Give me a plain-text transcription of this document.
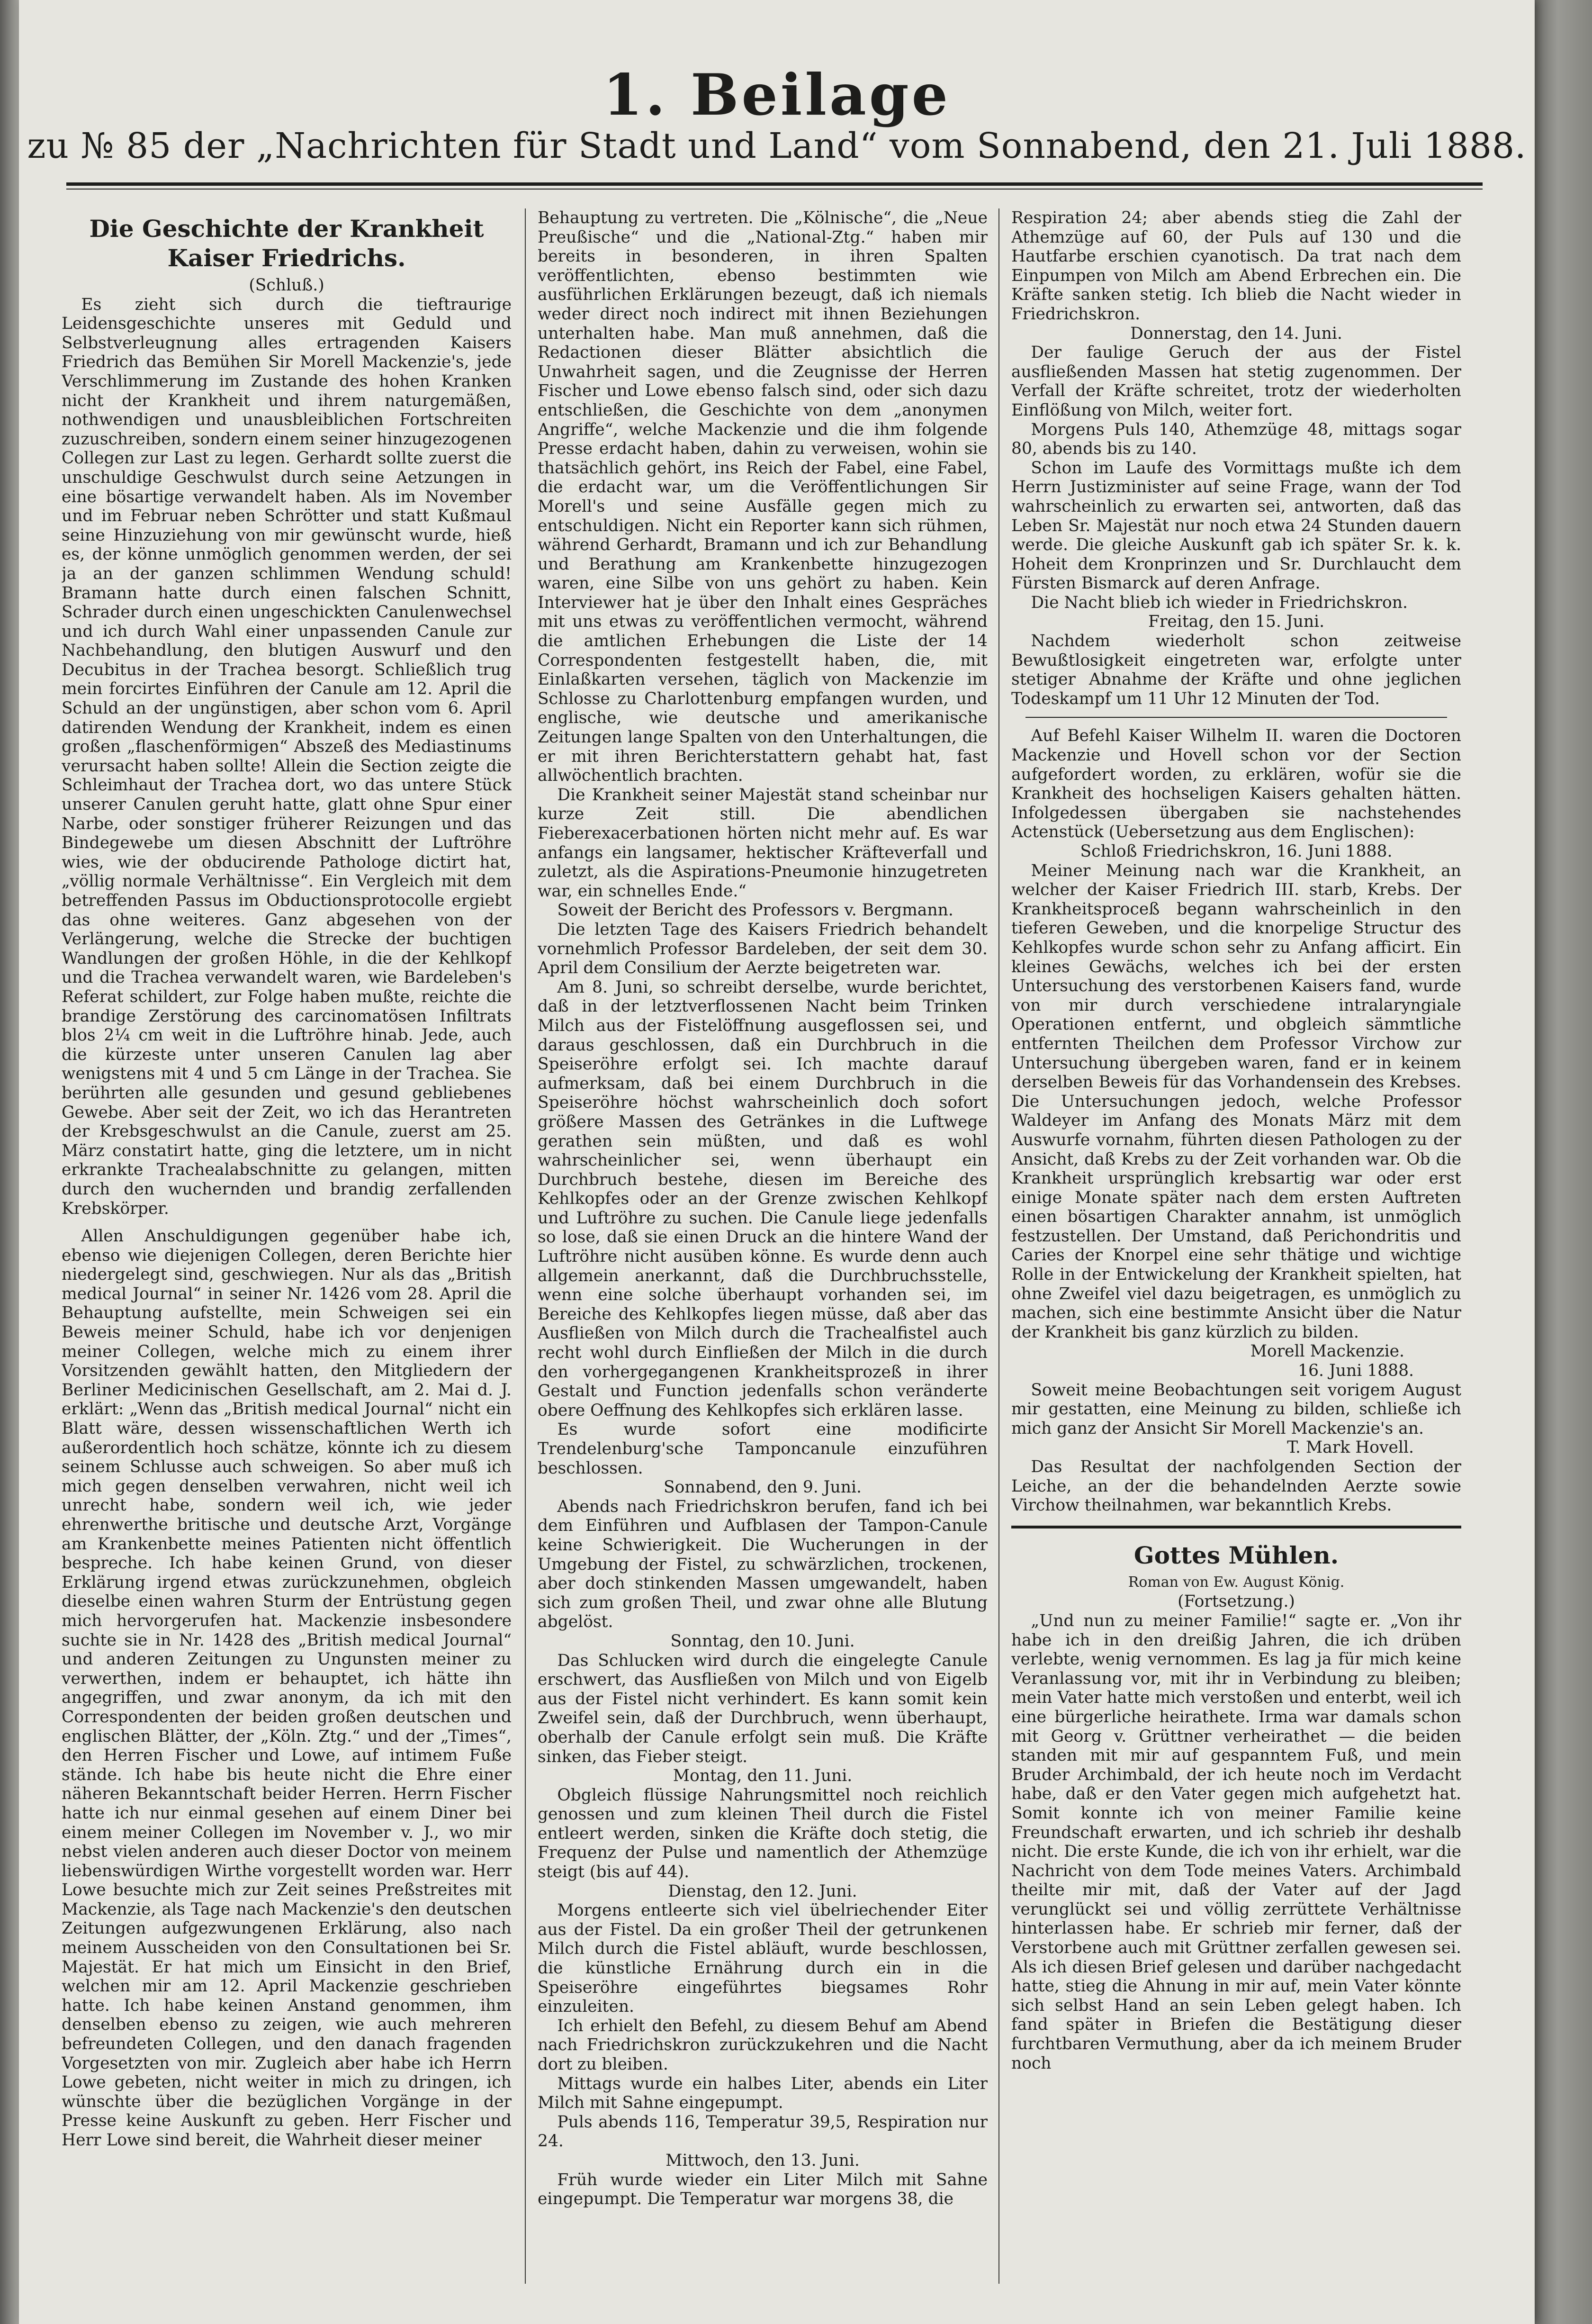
1. Beilage
zu № 85 der „Nachrichten für Stadt und Land“ vom Sonnabend, den 21. Juli 1888.
Die Geschichte der Krankheit Kaiser Friedrichs.

(Schluß.)

Es zieht sich durch die tieftraurige Leidensgeschichte unseres mit Geduld und Selbstverleugnung alles ertragenden Kaisers Friedrich das Bemühen Sir Morell Mackenzie's, jede Verschlimmerung im Zustande des hohen Kranken nicht der Krankheit und ihrem naturgemäßen, nothwendigen und unausbleiblichen Fortschreiten zuzuschreiben, sondern einem seiner hinzugezogenen Collegen zur Last zu legen. Gerhardt sollte zuerst die unschuldige Geschwulst durch seine Aetzungen in eine bösartige verwandelt haben. Als im November und im Februar neben Schrötter und statt Kußmaul seine Hinzuziehung von mir gewünscht wurde, hieß es, der könne unmöglich genommen werden, der sei ja an der ganzen schlimmen Wendung schuld! Bramann hatte durch einen falschen Schnitt, Schrader durch einen ungeschickten Canulenwechsel und ich durch Wahl einer unpassenden Canule zur Nachbehandlung, den blutigen Auswurf und den Decubitus in der Trachea besorgt. Schließlich trug mein forcirtes Einführen der Canule am 12. April die Schuld an der ungünstigen, aber schon vom 6. April datirenden Wendung der Krankheit, indem es einen großen „flaschenförmigen“ Abszeß des Mediastinums verursacht haben sollte! Allein die Section zeigte die Schleimhaut der Trachea dort, wo das untere Stück unserer Canulen geruht hatte, glatt ohne Spur einer Narbe, oder sonstiger früherer Reizungen und das Bindegewebe um diesen Abschnitt der Luftröhre wies, wie der obducirende Pathologe dictirt hat, „völlig normale Verhältnisse“. Ein Vergleich mit dem betreffenden Passus im Obductionsprotocolle ergiebt das ohne weiteres. Ganz abgesehen von der Verlängerung, welche die Strecke der buchtigen Wandlungen der großen Höhle, in die der Kehlkopf und die Trachea verwandelt waren, wie Bardeleben's Referat schildert, zur Folge haben mußte, reichte die brandige Zerstörung des carcinomatösen Infiltrats blos 2¼ cm weit in die Luftröhre hinab. Jede, auch die kürzeste unter unseren Canulen lag aber wenigstens mit 4 und 5 cm Länge in der Trachea. Sie berührten alle gesunden und gesund gebliebenes Gewebe. Aber seit der Zeit, wo ich das Herantreten der Krebsgeschwulst an die Canule, zuerst am 25. März constatirt hatte, ging die letztere, um in nicht erkrankte Trachealabschnitte zu gelangen, mitten durch den wuchernden und brandig zerfallenden Krebskörper.

Allen Anschuldigungen gegenüber habe ich, ebenso wie diejenigen Collegen, deren Berichte hier niedergelegt sind, geschwiegen. Nur als das „British medical Journal“ in seiner Nr. 1426 vom 28. April die Behauptung aufstellte, mein Schweigen sei ein Beweis meiner Schuld, habe ich vor denjenigen meiner Collegen, welche mich zu einem ihrer Vorsitzenden gewählt hatten, den Mitgliedern der Berliner Medicinischen Gesellschaft, am 2. Mai d. J. erklärt: „Wenn das „British medical Journal“ nicht ein Blatt wäre, dessen wissenschaftlichen Werth ich außerordentlich hoch schätze, könnte ich zu diesem seinem Schlusse auch schweigen. So aber muß ich mich gegen denselben verwahren, nicht weil ich unrecht habe, sondern weil ich, wie jeder ehrenwerthe britische und deutsche Arzt, Vorgänge am Krankenbette meines Patienten nicht öffentlich bespreche. Ich habe keinen Grund, von dieser Erklärung irgend etwas zurückzunehmen, obgleich dieselbe einen wahren Sturm der Entrüstung gegen mich hervorgerufen hat. Mackenzie insbesondere suchte sie in Nr. 1428 des „British medical Journal“ und anderen Zeitungen zu Ungunsten meiner zu verwerthen, indem er behauptet, ich hätte ihn angegriffen, und zwar anonym, da ich mit den Correspondenten der beiden großen deutschen und englischen Blätter, der „Köln. Ztg.“ und der „Times“, den Herren Fischer und Lowe, auf intimem Fuße stände. Ich habe bis heute nicht die Ehre einer näheren Bekanntschaft beider Herren. Herrn Fischer hatte ich nur einmal gesehen auf einem Diner bei einem meiner Collegen im November v. J., wo mir nebst vielen anderen auch dieser Doctor von meinem liebenswürdigen Wirthe vorgestellt worden war. Herr Lowe besuchte mich zur Zeit seines Preßstreites mit Mackenzie, als Tage nach Mackenzie's den deutschen Zeitungen aufgezwungenen Erklärung, also nach meinem Ausscheiden von den Consultationen bei Sr. Majestät. Er hat mich um Einsicht in den Brief, welchen mir am 12. April Mackenzie geschrieben hatte. Ich habe keinen Anstand genommen, ihm denselben ebenso zu zeigen, wie auch mehreren befreundeten Collegen, und den danach fragenden Vorgesetzten von mir. Zugleich aber habe ich Herrn Lowe gebeten, nicht weiter in mich zu dringen, ich wünschte über die bezüglichen Vorgänge in der Presse keine Auskunft zu geben. Herr Fischer und Herr Lowe sind bereit, die Wahrheit dieser meiner

Behauptung zu vertreten. Die „Kölnische“, die „Neue Preußische“ und die „National-Ztg.“ haben mir bereits in besonderen, in ihren Spalten veröffentlichten, ebenso bestimmten wie ausführlichen Erklärungen bezeugt, daß ich niemals weder direct noch indirect mit ihnen Beziehungen unterhalten habe. Man muß annehmen, daß die Redactionen dieser Blätter absichtlich die Unwahrheit sagen, und die Zeugnisse der Herren Fischer und Lowe ebenso falsch sind, oder sich dazu entschließen, die Geschichte von dem „anonymen Angriffe“, welche Mackenzie und die ihm folgende Presse erdacht haben, dahin zu verweisen, wohin sie thatsächlich gehört, ins Reich der Fabel, eine Fabel, die erdacht war, um die Veröffentlichungen Sir Morell's und seine Ausfälle gegen mich zu entschuldigen. Nicht ein Reporter kann sich rühmen, während Gerhardt, Bramann und ich zur Behandlung und Berathung am Krankenbette hinzugezogen waren, eine Silbe von uns gehört zu haben. Kein Interviewer hat je über den Inhalt eines Gespräches mit uns etwas zu veröffentlichen vermocht, während die amtlichen Erhebungen die Liste der 14 Correspondenten festgestellt haben, die, mit Einlaßkarten versehen, täglich von Mackenzie im Schlosse zu Charlottenburg empfangen wurden, und englische, wie deutsche und amerikanische Zeitungen lange Spalten von den Unterhaltungen, die er mit ihren Berichterstattern gehabt hat, fast allwöchentlich brachten.

Die Krankheit seiner Majestät stand scheinbar nur kurze Zeit still. Die abendlichen Fieberexacerbationen hörten nicht mehr auf. Es war anfangs ein langsamer, hektischer Kräfteverfall und zuletzt, als die Aspirations-Pneumonie hinzugetreten war, ein schnelles Ende.“

Soweit der Bericht des Professors v. Bergmann.

Die letzten Tage des Kaisers Friedrich behandelt vornehmlich Professor Bardeleben, der seit dem 30. April dem Consilium der Aerzte beigetreten war.

Am 8. Juni, so schreibt derselbe, wurde berichtet, daß in der letztverflossenen Nacht beim Trinken Milch aus der Fistelöffnung ausgeflossen sei, und daraus geschlossen, daß ein Durchbruch in die Speiseröhre erfolgt sei. Ich machte darauf aufmerksam, daß bei einem Durchbruch in die Speiseröhre höchst wahrscheinlich doch sofort größere Massen des Getränkes in die Luftwege gerathen sein müßten, und daß es wohl wahrscheinlicher sei, wenn überhaupt ein Durchbruch bestehe, diesen im Bereiche des Kehlkopfes oder an der Grenze zwischen Kehlkopf und Luftröhre zu suchen. Die Canule liege jedenfalls so lose, daß sie einen Druck an die hintere Wand der Luftröhre nicht ausüben könne. Es wurde denn auch allgemein anerkannt, daß die Durchbruchsstelle, wenn eine solche überhaupt vorhanden sei, im Bereiche des Kehlkopfes liegen müsse, daß aber das Ausfließen von Milch durch die Trachealfistel auch recht wohl durch Einfließen der Milch in die durch den vorhergegangenen Krankheitsprozeß in ihrer Gestalt und Function jedenfalls schon veränderte obere Oeffnung des Kehlkopfes sich erklären lasse.

Es wurde sofort eine modificirte Trendelenburg'sche Tamponcanule einzuführen beschlossen.

Sonnabend, den 9. Juni.

Abends nach Friedrichskron berufen, fand ich bei dem Einführen und Aufblasen der Tampon-Canule keine Schwierigkeit. Die Wucherungen in der Umgebung der Fistel, zu schwärzlichen, trockenen, aber doch stinkenden Massen umgewandelt, haben sich zum großen Theil, und zwar ohne alle Blutung abgelöst.

Sonntag, den 10. Juni.

Das Schlucken wird durch die eingelegte Canule erschwert, das Ausfließen von Milch und von Eigelb aus der Fistel nicht verhindert. Es kann somit kein Zweifel sein, daß der Durchbruch, wenn überhaupt, oberhalb der Canule erfolgt sein muß. Die Kräfte sinken, das Fieber steigt.

Montag, den 11. Juni.

Obgleich flüssige Nahrungsmittel noch reichlich genossen und zum kleinen Theil durch die Fistel entleert werden, sinken die Kräfte doch stetig, die Frequenz der Pulse und namentlich der Athemzüge steigt (bis auf 44).

Dienstag, den 12. Juni.

Morgens entleerte sich viel übelriechender Eiter aus der Fistel. Da ein großer Theil der getrunkenen Milch durch die Fistel abläuft, wurde beschlossen, die künstliche Ernährung durch ein in die Speiseröhre eingeführtes biegsames Rohr einzuleiten.

Ich erhielt den Befehl, zu diesem Behuf am Abend nach Friedrichskron zurückzukehren und die Nacht dort zu bleiben.

Mittags wurde ein halbes Liter, abends ein Liter Milch mit Sahne eingepumpt.

Puls abends 116, Temperatur 39,5, Respiration nur 24.

Mittwoch, den 13. Juni.

Früh wurde wieder ein Liter Milch mit Sahne eingepumpt. Die Temperatur war morgens 38, die

Respiration 24; aber abends stieg die Zahl der Athemzüge auf 60, der Puls auf 130 und die Hautfarbe erschien cyanotisch. Da trat nach dem Einpumpen von Milch am Abend Erbrechen ein. Die Kräfte sanken stetig. Ich blieb die Nacht wieder in Friedrichskron.

Donnerstag, den 14. Juni.

Der faulige Geruch der aus der Fistel ausfließenden Massen hat stetig zugenommen. Der Verfall der Kräfte schreitet, trotz der wiederholten Einflößung von Milch, weiter fort.

Morgens Puls 140, Athemzüge 48, mittags sogar 80, abends bis zu 140.

Schon im Laufe des Vormittags mußte ich dem Herrn Justizminister auf seine Frage, wann der Tod wahrscheinlich zu erwarten sei, antworten, daß das Leben Sr. Majestät nur noch etwa 24 Stunden dauern werde. Die gleiche Auskunft gab ich später Sr. k. k. Hoheit dem Kronprinzen und Sr. Durchlaucht dem Fürsten Bismarck auf deren Anfrage.

Die Nacht blieb ich wieder in Friedrichskron.

Freitag, den 15. Juni.

Nachdem wiederholt schon zeitweise Bewußtlosigkeit eingetreten war, erfolgte unter stetiger Abnahme der Kräfte und ohne jeglichen Todeskampf um 11 Uhr 12 Minuten der Tod.

Auf Befehl Kaiser Wilhelm II. waren die Doctoren Mackenzie und Hovell schon vor der Section aufgefordert worden, zu erklären, wofür sie die Krankheit des hochseligen Kaisers gehalten hätten. Infolgedessen übergaben sie nachstehendes Actenstück (Uebersetzung aus dem Englischen):

Schloß Friedrichskron, 16. Juni 1888.

Meiner Meinung nach war die Krankheit, an welcher der Kaiser Friedrich III. starb, Krebs. Der Krankheitsproceß begann wahrscheinlich in den tieferen Geweben, und die knorpelige Structur des Kehlkopfes wurde schon sehr zu Anfang afficirt. Ein kleines Gewächs, welches ich bei der ersten Untersuchung des verstorbenen Kaisers fand, wurde von mir durch verschiedene intralaryngiale Operationen entfernt, und obgleich sämmtliche entfernten Theilchen dem Professor Virchow zur Untersuchung übergeben waren, fand er in keinem derselben Beweis für das Vorhandensein des Krebses. Die Untersuchungen jedoch, welche Professor Waldeyer im Anfang des Monats März mit dem Auswurfe vornahm, führten diesen Pathologen zu der Ansicht, daß Krebs zu der Zeit vorhanden war. Ob die Krankheit ursprünglich krebsartig war oder erst einige Monate später nach dem ersten Auftreten einen bösartigen Charakter annahm, ist unmöglich festzustellen. Der Umstand, daß Perichondritis und Caries der Knorpel eine sehr thätige und wichtige Rolle in der Entwickelung der Krankheit spielten, hat ohne Zweifel viel dazu beigetragen, es unmöglich zu machen, sich eine bestimmte Ansicht über die Natur der Krankheit bis ganz kürzlich zu bilden.

Morell Mackenzie.

16. Juni 1888.

Soweit meine Beobachtungen seit vorigem August mir gestatten, eine Meinung zu bilden, schließe ich mich ganz der Ansicht Sir Morell Mackenzie's an.

T. Mark Hovell.

Das Resultat der nachfolgenden Section der Leiche, an der die behandelnden Aerzte sowie Virchow theilnahmen, war bekanntlich Krebs.

Gottes Mühlen.

Roman von Ew. August König.

(Fortsetzung.)

„Und nun zu meiner Familie!“ sagte er. „Von ihr habe ich in den dreißig Jahren, die ich drüben verlebte, wenig vernommen. Es lag ja für mich keine Veranlassung vor, mit ihr in Verbindung zu bleiben; mein Vater hatte mich verstoßen und enterbt, weil ich eine bürgerliche heirathete. Irma war damals schon mit Georg v. Grüttner verheirathet — die beiden standen mit mir auf gespanntem Fuß, und mein Bruder Archimbald, der ich heute noch im Verdacht habe, daß er den Vater gegen mich aufgehetzt hat. Somit konnte ich von meiner Familie keine Freundschaft erwarten, und ich schrieb ihr deshalb nicht. Die erste Kunde, die ich von ihr erhielt, war die Nachricht von dem Tode meines Vaters. Archimbald theilte mir mit, daß der Vater auf der Jagd verunglückt sei und völlig zerrüttete Verhältnisse hinterlassen habe. Er schrieb mir ferner, daß der Verstorbene auch mit Grüttner zerfallen gewesen sei. Als ich diesen Brief gelesen und darüber nachgedacht hatte, stieg die Ahnung in mir auf, mein Vater könnte sich selbst Hand an sein Leben gelegt haben. Ich fand später in Briefen die Bestätigung dieser furchtbaren Vermuthung, aber da ich meinem Bruder noch
